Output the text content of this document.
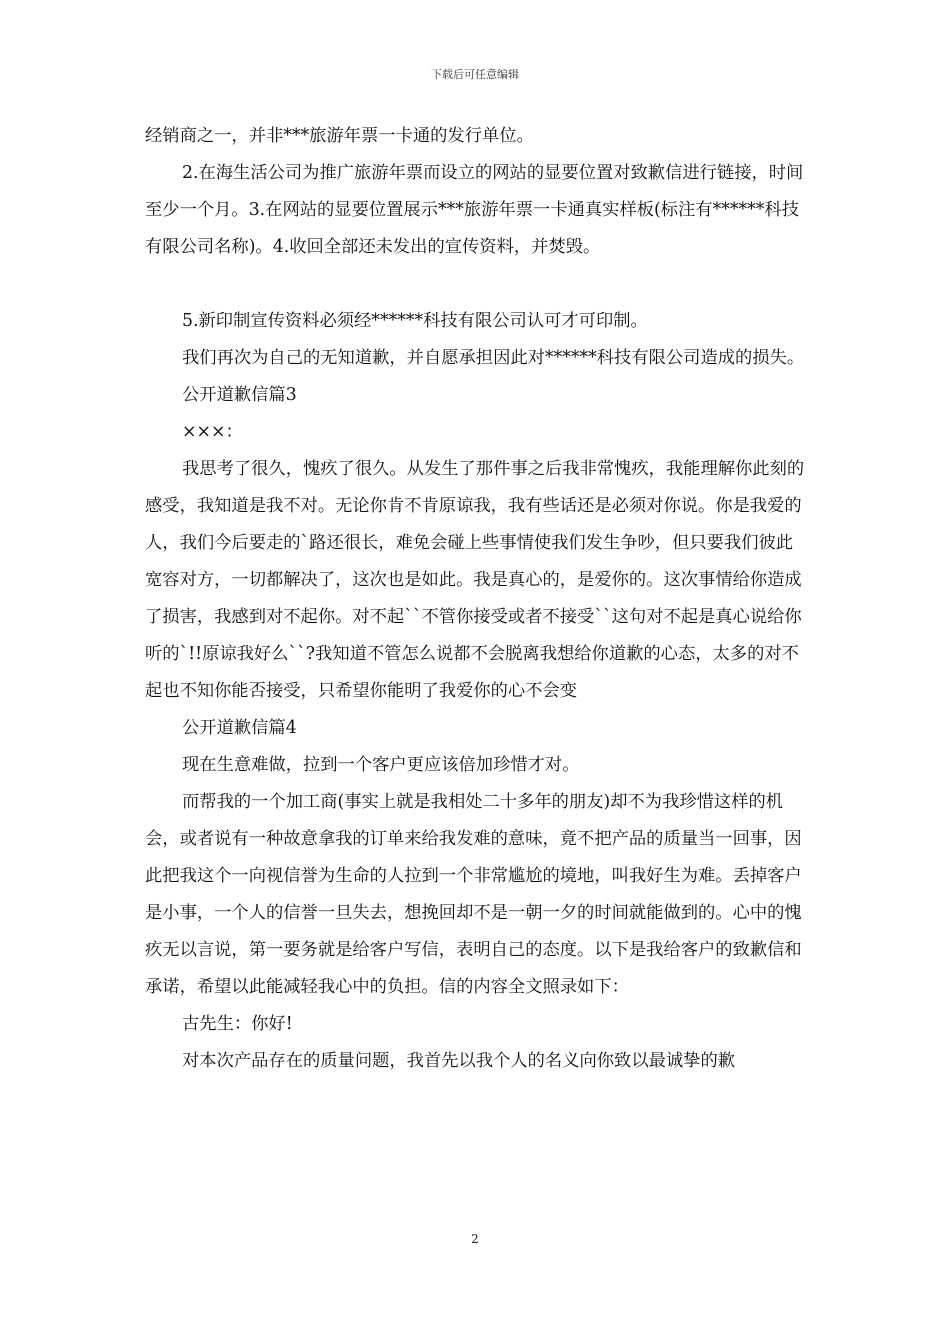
下载后可任意编辑

经销商之一，并非***旅游年票一卡通的发行单位。

2.在海生活公司为推广旅游年票而设立的网站的显要位置对致歉信进行链接，时间至少一个月。3.在网站的显要位置展示***旅游年票一卡通真实样板(标注有******科技有限公司名称)。4.收回全部还未发出的宣传资料，并焚毁。

5.新印制宣传资料必须经******科技有限公司认可才可印制。

我们再次为自己的无知道歉，并自愿承担因此对******科技有限公司造成的损失。

公开道歉信篇3

×××：

我思考了很久，愧疚了很久。从发生了那件事之后我非常愧疚，我能理解你此刻的感受，我知道是我不对。无论你肯不肯原谅我，我有些话还是必须对你说。你是我爱的人，我们今后要走的`路还很长，难免会碰上些事情使我们发生争吵，但只要我们彼此宽容对方，一切都解决了，这次也是如此。我是真心的，是爱你的。这次事情给你造成了损害，我感到对不起你。对不起``不管你接受或者不接受``这句对不起是真心说给你听的`!!原谅我好么``?我知道不管怎么说都不会脱离我想给你道歉的心态，太多的对不起也不知你能否接受，只希望你能明了我爱你的心不会变

公开道歉信篇4

现在生意难做，拉到一个客户更应该倍加珍惜才对。

而帮我的一个加工商(事实上就是我相处二十多年的朋友)却不为我珍惜这样的机会，或者说有一种故意拿我的订单来给我发难的意味，竟不把产品的质量当一回事，因此把我这个一向视信誉为生命的人拉到一个非常尴尬的境地，叫我好生为难。丢掉客户是小事，一个人的信誉一旦失去，想挽回却不是一朝一夕的时间就能做到的。心中的愧疚无以言说，第一要务就是给客户写信，表明自己的态度。以下是我给客户的致歉信和承诺，希望以此能减轻我心中的负担。信的内容全文照录如下：

古先生：你好!

对本次产品存在的质量问题，我首先以我个人的名义向你致以最诚挚的歉

2
